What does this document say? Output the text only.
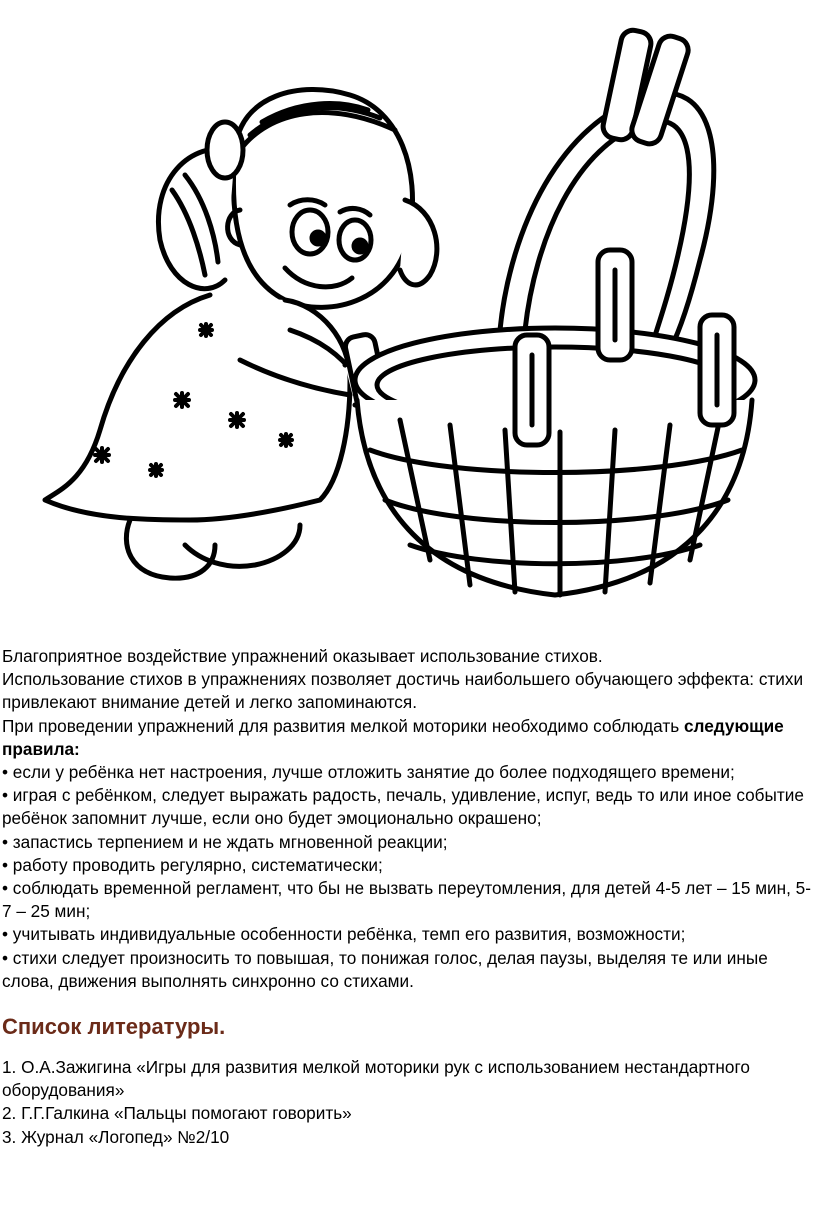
Благоприятное воздействие упражнений оказывает использование стихов.

Использование стихов в упражнениях позволяет достичь наибольшего обучающего эффекта: стихи привлекают внимание детей и легко запоминаются.

При проведении упражнений для развития мелкой моторики необходимо соблюдать следующие правила:

• если у ребёнка нет настроения, лучше отложить занятие до более подходящего времени;

• играя с ребёнком, следует выражать радость, печаль, удивление, испуг, ведь то или иное событие ребёнок запомнит лучше, если оно будет эмоционально окрашено;

• запастись терпением и не ждать мгновенной реакции;

• работу проводить регулярно, систематически;

• соблюдать временной регламент, что бы не вызвать переутомления, для детей 4-5 лет – 15 мин, 5-7 – 25 мин;

• учитывать индивидуальные особенности ребёнка, темп его развития, возможности;

• стихи следует произносить то повышая, то понижая голос, делая паузы, выделяя те или иные слова, движения выполнять синхронно со стихами.

Список литературы.

1. О.А.Зажигина «Игры для развития мелкой моторики рук с использованием нестандартного оборудования»

2. Г.Г.Галкина «Пальцы помогают говорить»

3. Журнал «Логопед» №2/10
